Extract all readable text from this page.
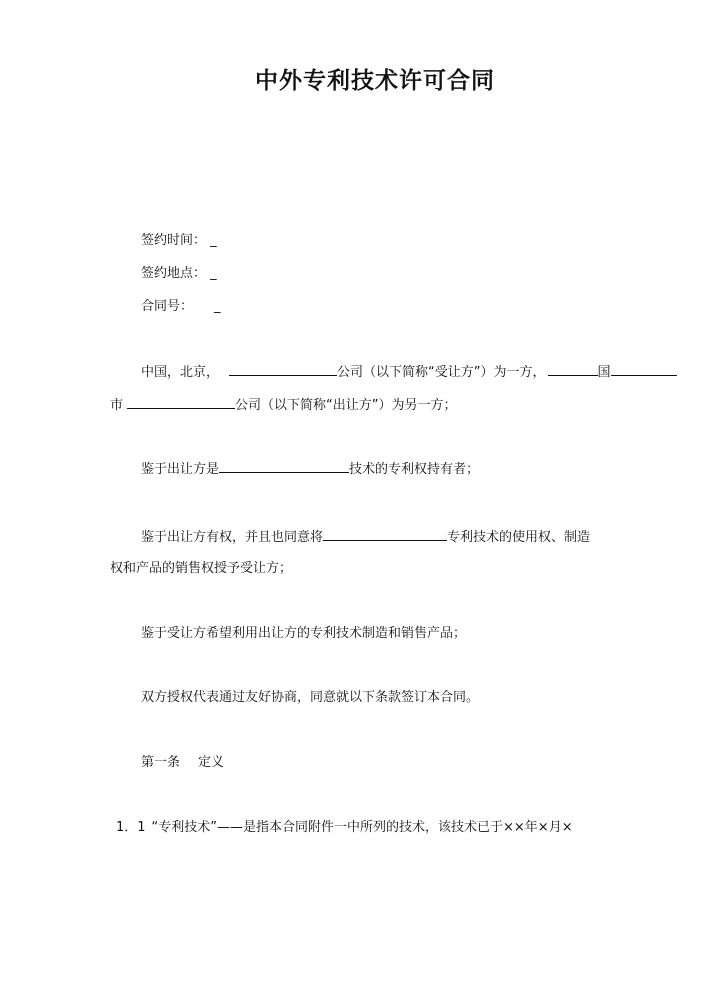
中外专利技术许可合同
签约时间： _
签约地点： _
合同号： _
中国，北京，	公司（以下简称“受让方”）为一方，	国
市	公司（以下简称“出让方”）为另一方；
鉴于出让方是	技术的专利权持有者；
鉴于出让方有权，并且也同意将	专利技术的使用权、制造
权和产品的销售权授予受让方；
鉴于受让方希望利用出让方的专利技术制造和销售产品；
双方授权代表通过友好协商，同意就以下条款签订本合同。
第一条 定义
1．1 “专利技术”——是指本合同附件一中所列的技术，该技术已于××年×月×
